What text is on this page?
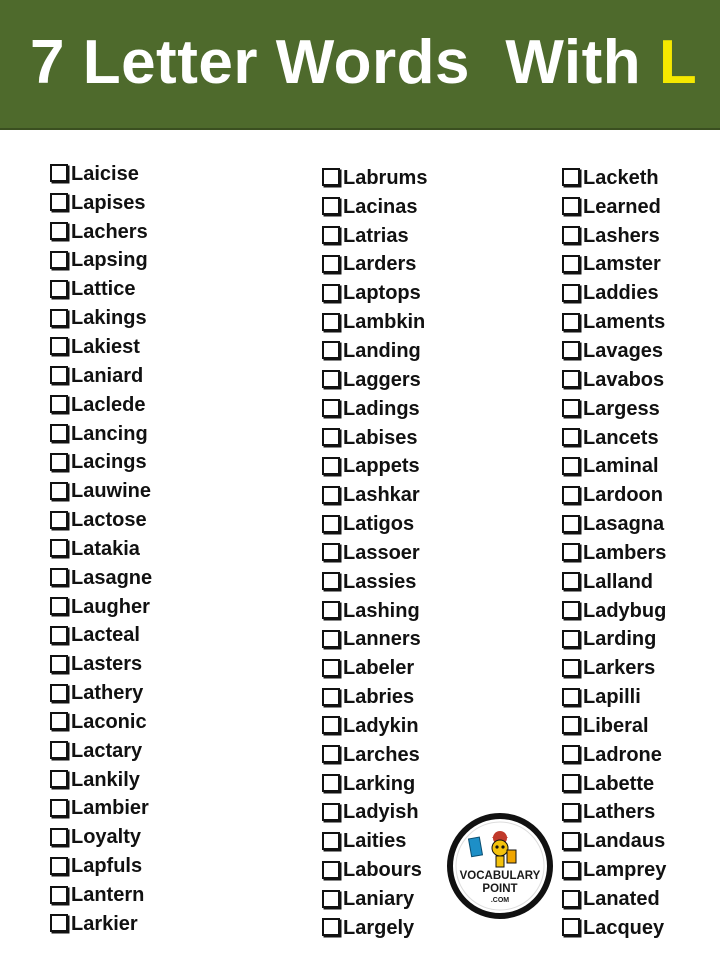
7 Letter Words  With L
Laicise
Lapises
Lachers
Lapsing
Lattice
Lakings
Lakiest
Laniard
Laclede
Lancing
Lacings
Lauwine
Lactose
Latakia
Lasagne
Laugher
Lacteal
Lasters
Lathery
Laconic
Lactary
Lankily
Lambier
Loyalty
Lapfuls
Lantern
Larkier
Labrums
Lacinas
Latrias
Larders
Laptops
Lambkin
Landing
Laggers
Ladings
Labises
Lappets
Lashkar
Latigos
Lassoer
Lassies
Lashing
Lanners
Labeler
Labries
Ladykin
Larches
Larking
Ladyish
Laities
Labours
Laniary
Largely
Lacketh
Learned
Lashers
Lamster
Laddies
Laments
Lavages
Lavabos
Largess
Lancets
Laminal
Lardoon
Lasagna
Lambers
Lalland
Ladybug
Larding
Larkers
Lapilli
Liberal
Ladrone
Labette
Lathers
Landaus
Lamprey
Lanated
Lacquey
VOCABULARY
POINT
.COM
